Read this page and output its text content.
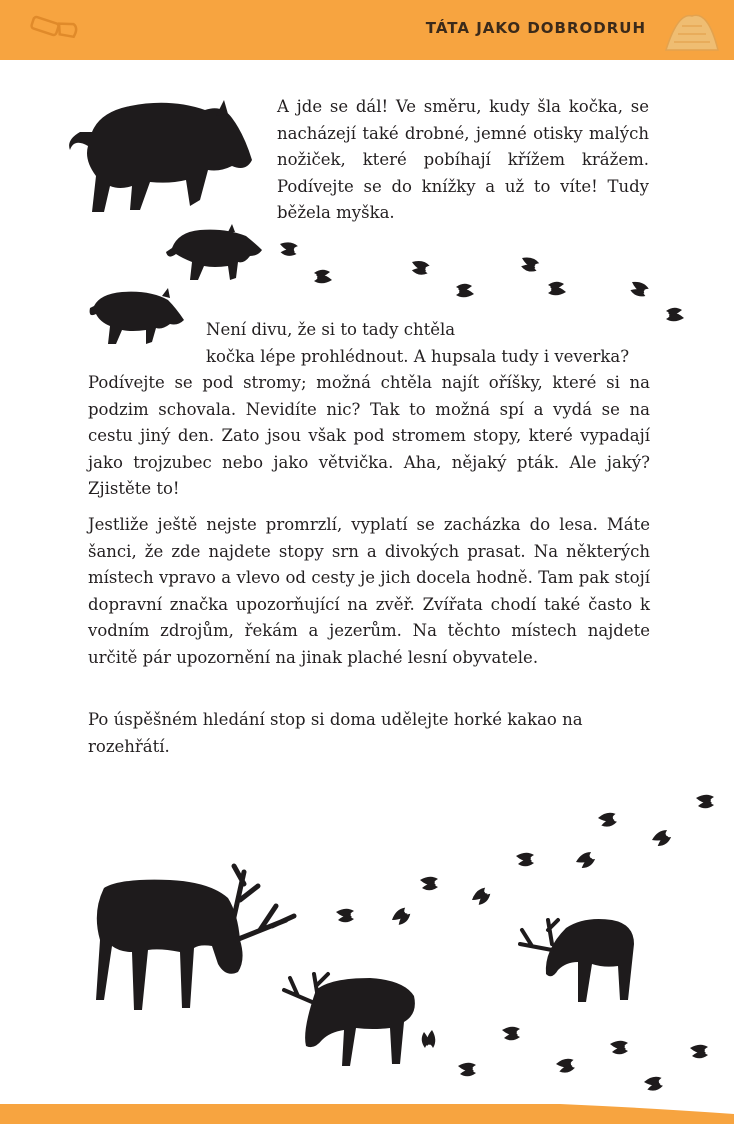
TÁTA JAKO DOBRODRUH

A jde se dál! Ve směru, kudy šla kočka, se nacházejí také drobné, jemné otisky malých nožiček, které pobíhají křížem krážem. Podívejte se do knížky a už to víte! Tudy běžela myška.

Není divu, že si to tady chtěla

kočka lépe prohlédnout. A hupsala tudy i veverka?

Podívejte se pod stromy; možná chtěla najít oříšky, které si na podzim schovala. Nevidíte nic? Tak to možná spí a vydá se na cestu jiný den. Zato jsou však pod stromem stopy, které vypadají jako trojzubec nebo jako větvička. Aha, nějaký pták. Ale jaký? Zjistěte to!

Jestliže ještě nejste promrzlí, vyplatí se zacházka do lesa. Máte šanci, že zde najdete stopy srn a divokých prasat. Na některých místech vpravo a vlevo od cesty je jich docela hodně. Tam pak stojí dopravní značka upozorňující na zvěř. Zvířata chodí také často k vodním zdrojům, řekám a jezerům. Na těchto místech najdete určitě pár upozornění na jinak plaché lesní obyvatele.

Po úspěšném hledání stop si doma udělejte horké kakao na rozehřátí.
